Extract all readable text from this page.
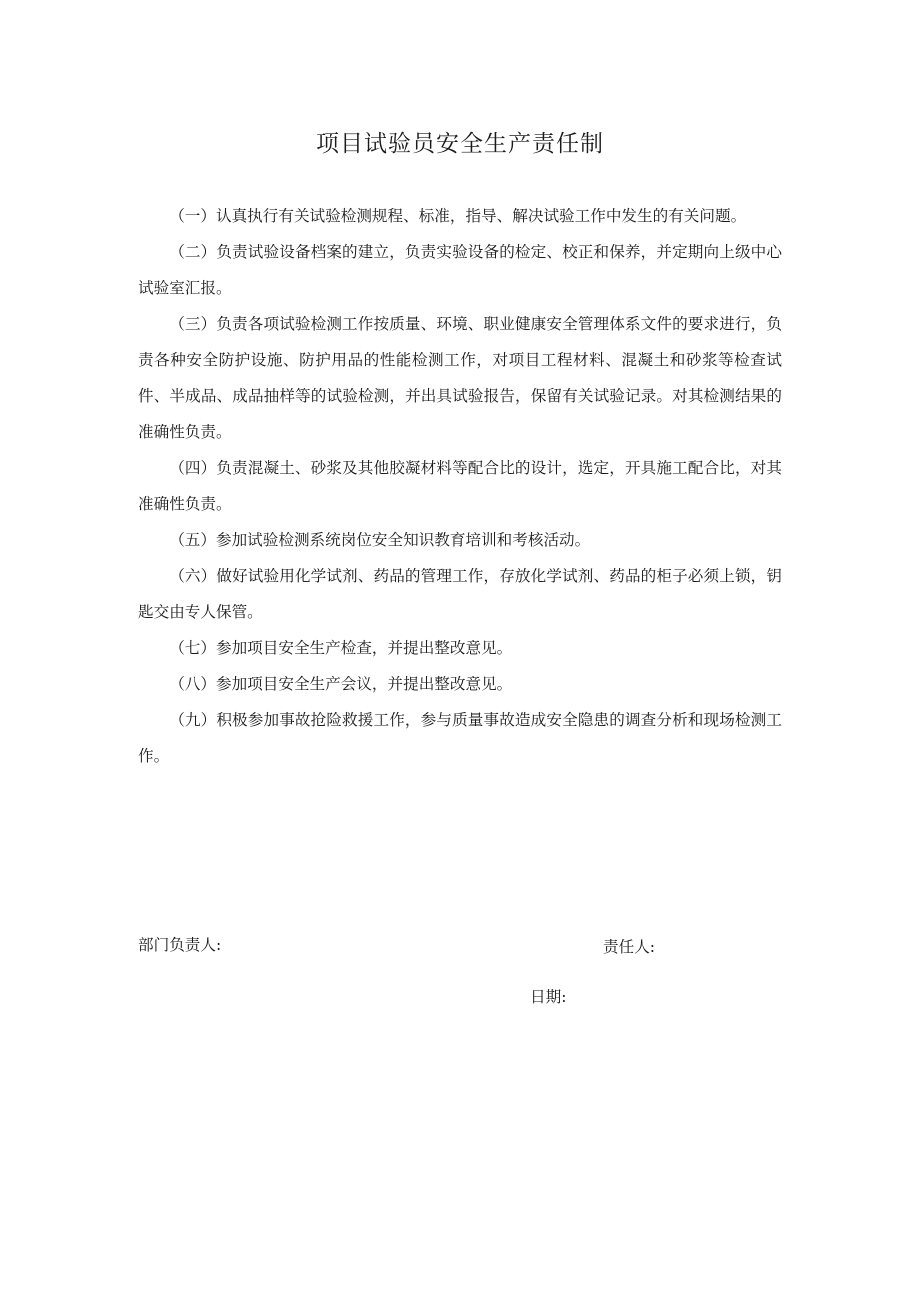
项目试验员安全生产责任制

（一）认真执行有关试验检测规程、标准，指导、解决试验工作中发生的有关问题。

（二）负责试验设备档案的建立，负责实验设备的检定、校正和保养，并定期向上级中心试验室汇报。

（三）负责各项试验检测工作按质量、环境、职业健康安全管理体系文件的要求进行，负责各种安全防护设施、防护用品的性能检测工作，对项目工程材料、混凝土和砂浆等检查试件、半成品、成品抽样等的试验检测，并出具试验报告，保留有关试验记录。对其检测结果的准确性负责。

（四）负责混凝土、砂浆及其他胶凝材料等配合比的设计，选定，开具施工配合比，对其准确性负责。

（五）参加试验检测系统岗位安全知识教育培训和考核活动。

（六）做好试验用化学试剂、药品的管理工作，存放化学试剂、药品的柜子必须上锁，钥匙交由专人保管。

（七）参加项目安全生产检查，并提出整改意见。

（八）参加项目安全生产会议，并提出整改意见。

（九）积极参加事故抢险救援工作，参与质量事故造成安全隐患的调查分析和现场检测工作。

部门负责人:	责任人:
日期:
